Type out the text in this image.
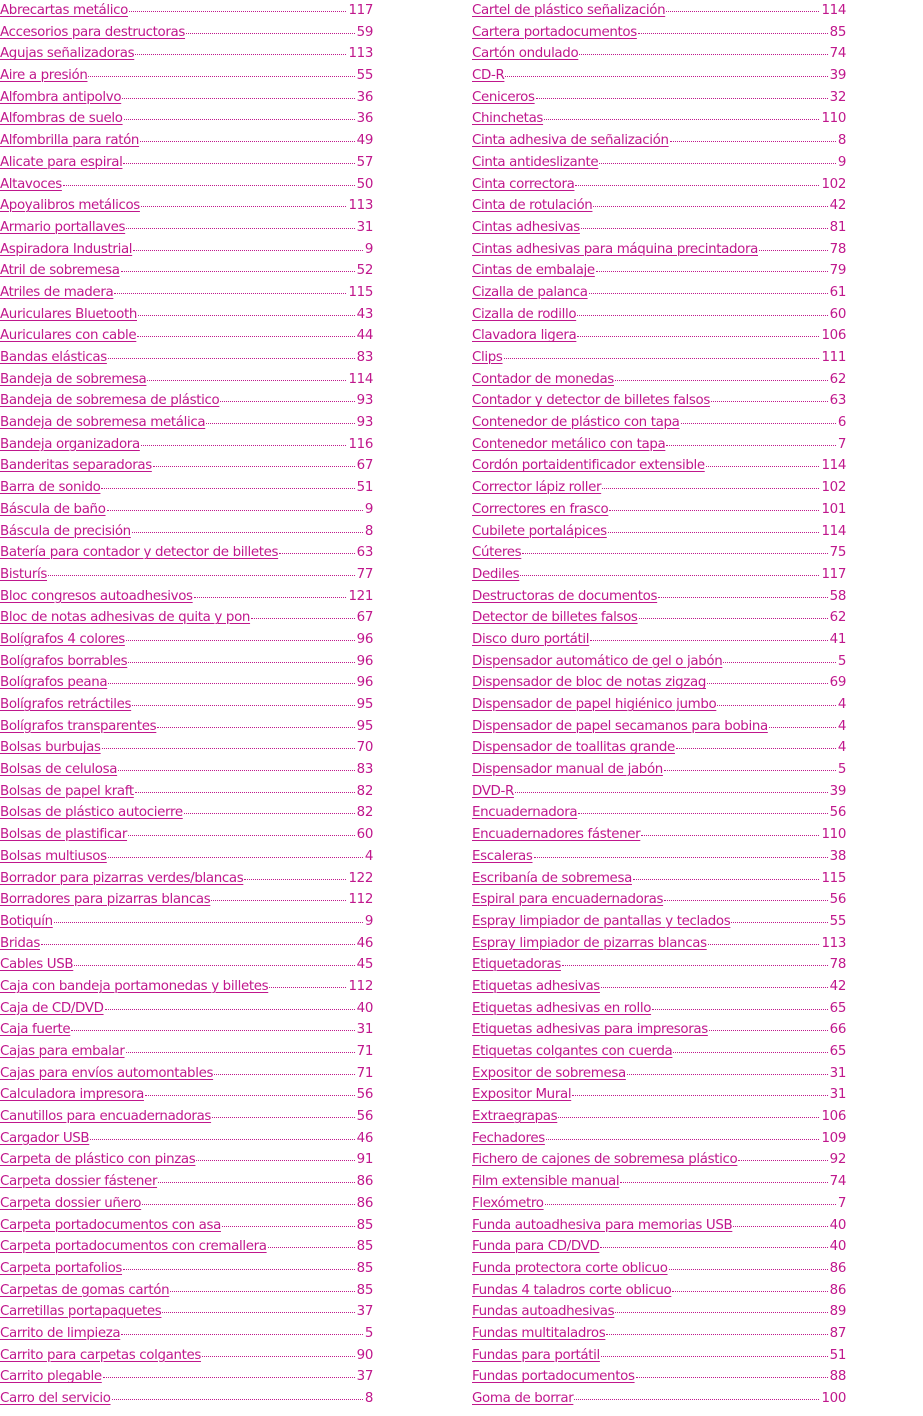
Abrecartas metálico	117
Accesorios para destructoras	59
Agujas señalizadoras	113
Aire a presión	55
Alfombra antipolvo	36
Alfombras de suelo	36
Alfombrilla para ratón	49
Alicate para espiral	57
Altavoces	50
Apoyalibros metálicos	113
Armario portallaves	31
Aspiradora Industrial	9
Atril de sobremesa	52
Atriles de madera	115
Auriculares Bluetooth	43
Auriculares con cable	44
Bandas elásticas	83
Bandeja de sobremesa	114
Bandeja de sobremesa de plástico	93
Bandeja de sobremesa metálica	93
Bandeja organizadora	116
Banderitas separadoras	67
Barra de sonido	51
Báscula de baño	9
Báscula de precisión	8
Batería para contador y detector de billetes	63
Bisturís	77
Bloc congresos autoadhesivos	121
Bloc de notas adhesivas de quita y pon	67
Bolígrafos 4 colores	96
Bolígrafos borrables	96
Bolígrafos peana	96
Bolígrafos retráctiles	95
Bolígrafos transparentes	95
Bolsas burbujas	70
Bolsas de celulosa	83
Bolsas de papel kraft	82
Bolsas de plástico autocierre	82
Bolsas de plastificar	60
Bolsas multiusos	4
Borrador para pizarras verdes/blancas	122
Borradores para pizarras blancas	112
Botiquín	9
Bridas	46
Cables USB	45
Caja con bandeja portamonedas y billetes	112
Caja de CD/DVD	40
Caja fuerte	31
Cajas para embalar	71
Cajas para envíos automontables	71
Calculadora impresora	56
Canutillos para encuadernadoras	56
Cargador USB	46
Carpeta de plástico con pinzas	91
Carpeta dossier fástener	86
Carpeta dossier uñero	86
Carpeta portadocumentos con asa	85
Carpeta portadocumentos con cremallera	85
Carpeta portafolios	85
Carpetas de gomas cartón	85
Carretillas portapaquetes	37
Carrito de limpieza	5
Carrito para carpetas colgantes	90
Carrito plegable	37
Carro del servicio	8
Cartel de plástico señalización	114
Cartera portadocumentos	85
Cartón ondulado	74
CD-R	39
Ceniceros	32
Chinchetas	110
Cinta adhesiva de señalización	8
Cinta antideslizante	9
Cinta correctora	102
Cinta de rotulación	42
Cintas adhesivas	81
Cintas adhesivas para máquina precintadora	78
Cintas de embalaje	79
Cizalla de palanca	61
Cizalla de rodillo	60
Clavadora ligera	106
Clips	111
Contador de monedas	62
Contador y detector de billetes falsos	63
Contenedor de plástico con tapa	6
Contenedor metálico con tapa	7
Cordón portaidentificador extensible	114
Corrector lápiz roller	102
Correctores en frasco	101
Cubilete portalápices	114
Cúteres	75
Dediles	117
Destructoras de documentos	58
Detector de billetes falsos	62
Disco duro portátil	41
Dispensador automático de gel o jabón	5
Dispensador de bloc de notas zigzag	69
Dispensador de papel higiénico jumbo	4
Dispensador de papel secamanos para bobina	4
Dispensador de toallitas grande	4
Dispensador manual de jabón	5
DVD-R	39
Encuadernadora	56
Encuadernadores fástener	110
Escaleras	38
Escribanía de sobremesa	115
Espiral para encuadernadoras	56
Espray limpiador de pantallas y teclados	55
Espray limpiador de pizarras blancas	113
Etiquetadoras	78
Etiquetas adhesivas	42
Etiquetas adhesivas en rollo	65
Etiquetas adhesivas para impresoras	66
Etiquetas colgantes con cuerda	65
Expositor de sobremesa	31
Expositor Mural	31
Extraegrapas	106
Fechadores	109
Fichero de cajones de sobremesa plástico	92
Film extensible manual	74
Flexómetro	7
Funda autoadhesiva para memorias USB	40
Funda para CD/DVD	40
Funda protectora corte oblicuo	86
Fundas 4 taladros corte oblicuo	86
Fundas autoadhesivas	89
Fundas multitaladros	87
Fundas para portátil	51
Fundas portadocumentos	88
Goma de borrar	100
